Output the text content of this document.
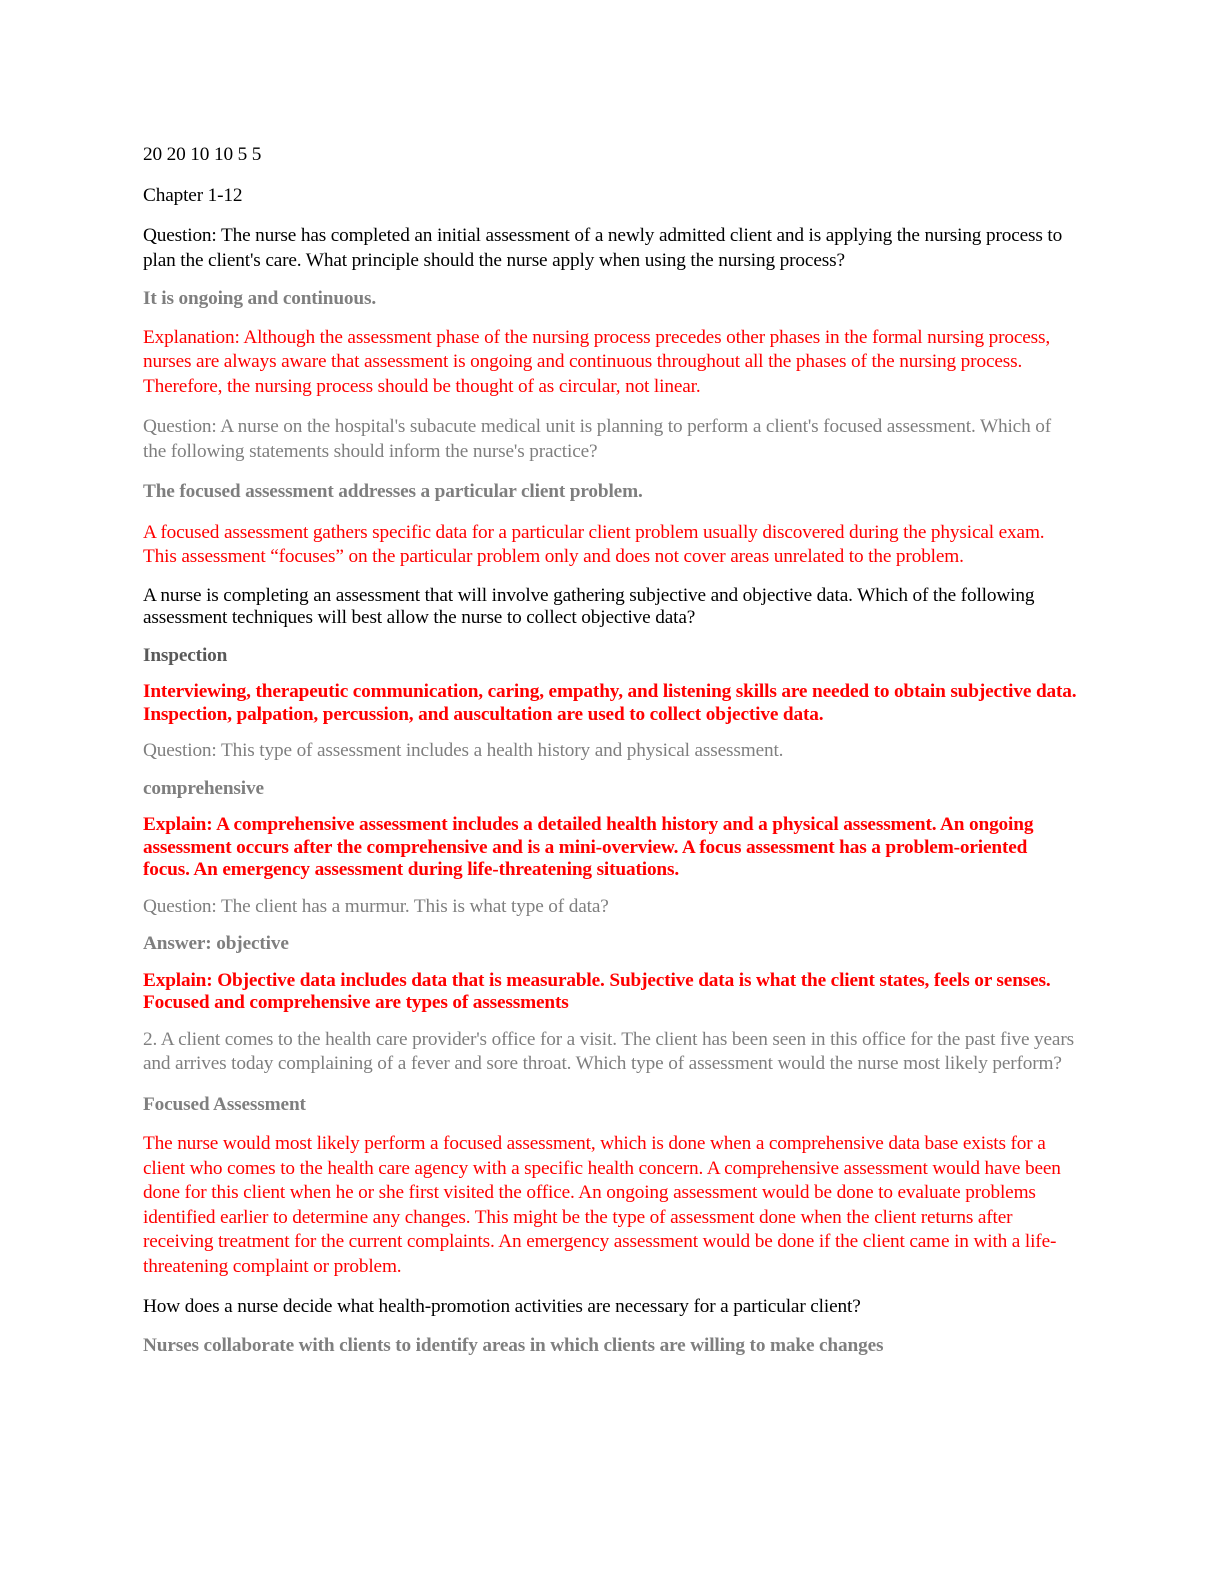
20 20 10 10 5 5

Chapter 1-12

Question: The nurse has completed an initial assessment of a newly admitted client and is applying the nursing process to plan the client's care. What principle should the nurse apply when using the nursing process?

It is ongoing and continuous.

Explanation: Although the assessment phase of the nursing process precedes other phases in the formal nursing process, nurses are always aware that assessment is ongoing and continuous throughout all the phases of the nursing process. Therefore, the nursing process should be thought of as circular, not linear.

Question: A nurse on the hospital's subacute medical unit is planning to perform a client's focused assessment. Which of the following statements should inform the nurse's practice?

The focused assessment addresses a particular client problem.

A focused assessment gathers specific data for a particular client problem usually discovered during the physical exam. This assessment “focuses” on the particular problem only and does not cover areas unrelated to the problem.

A nurse is completing an assessment that will involve gathering subjective and objective data. Which of the following assessment techniques will best allow the nurse to collect objective data?

Inspection

Interviewing, therapeutic communication, caring, empathy, and listening skills are needed to obtain subjective data. Inspection, palpation, percussion, and auscultation are used to collect objective data.

Question: This type of assessment includes a health history and physical assessment.

comprehensive

Explain: A comprehensive assessment includes a detailed health history and a physical assessment. An ongoing assessment occurs after the comprehensive and is a mini-overview. A focus assessment has a problem-oriented focus. An emergency assessment during life-threatening situations.

Question: The client has a murmur. This is what type of data?

Answer: objective

Explain: Objective data includes data that is measurable. Subjective data is what the client states, feels or senses. Focused and comprehensive are types of assessments

2. A client comes to the health care provider's office for a visit. The client has been seen in this office for the past five years and arrives today complaining of a fever and sore throat. Which type of assessment would the nurse most likely perform?

Focused Assessment

The nurse would most likely perform a focused assessment, which is done when a comprehensive data base exists for a client who comes to the health care agency with a specific health concern. A comprehensive assessment would have been done for this client when he or she first visited the office. An ongoing assessment would be done to evaluate problems identified earlier to determine any changes. This might be the type of assessment done when the client returns after receiving treatment for the current complaints. An emergency assessment would be done if the client came in with a life-threatening complaint or problem.

How does a nurse decide what health-promotion activities are necessary for a particular client?

Nurses collaborate with clients to identify areas in which clients are willing to make changes
